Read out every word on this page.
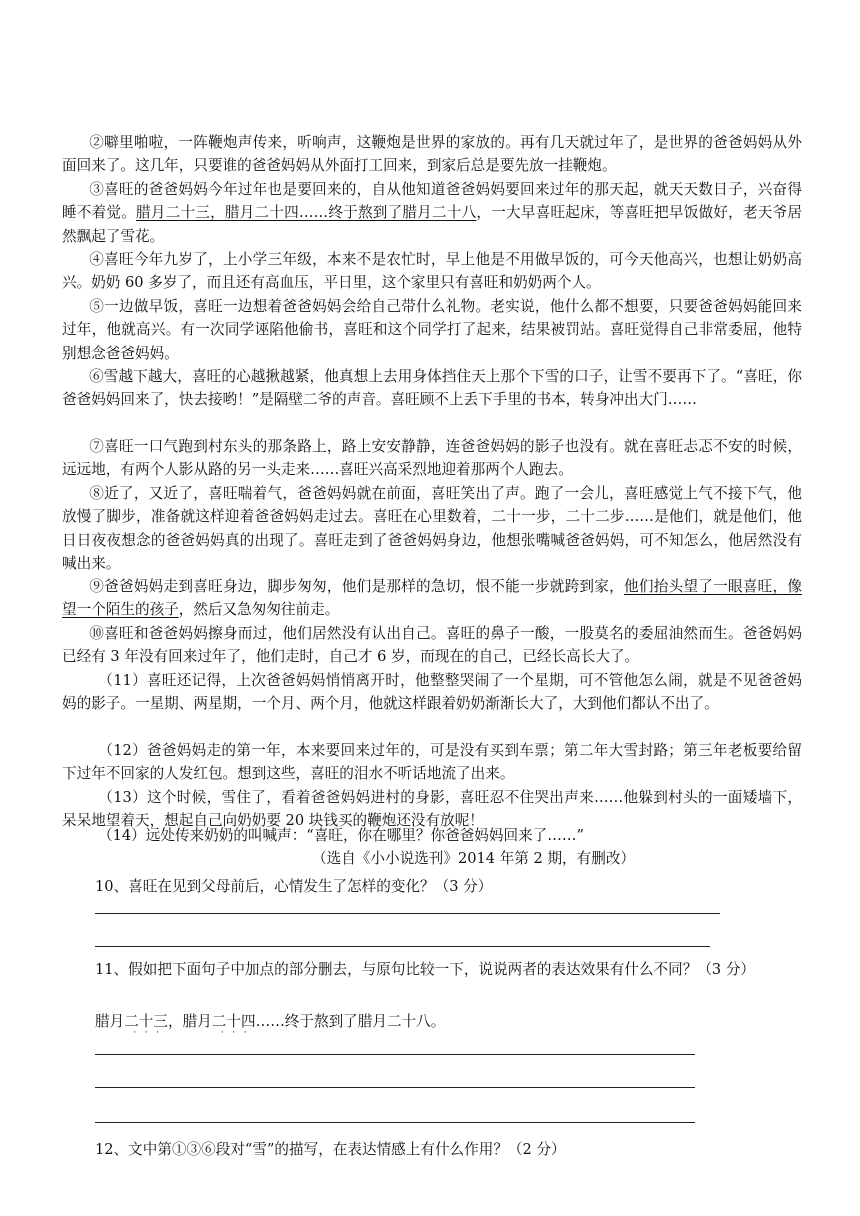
②噼里啪啦，一阵鞭炮声传来，听响声，这鞭炮是世界的家放的。再有几天就过年了，是世界的爸爸妈妈从外面回来了。这几年，只要谁的爸爸妈妈从外面打工回来，到家后总是要先放一挂鞭炮。

③喜旺的爸爸妈妈今年过年也是要回来的，自从他知道爸爸妈妈要回来过年的那天起，就天天数日子，兴奋得睡不着觉。腊月二十三，腊月二十四……终于熬到了腊月二十八，一大早喜旺起床，等喜旺把早饭做好，老天爷居然飘起了雪花。

④喜旺今年九岁了，上小学三年级，本来不是农忙时，早上他是不用做早饭的，可今天他高兴，也想让奶奶高兴。奶奶 60 多岁了，而且还有高血压，平日里，这个家里只有喜旺和奶奶两个人。

⑤一边做早饭，喜旺一边想着爸爸妈妈会给自己带什么礼物。老实说，他什么都不想要，只要爸爸妈妈能回来过年，他就高兴。有一次同学诬陷他偷书，喜旺和这个同学打了起来，结果被罚站。喜旺觉得自己非常委屈，他特别想念爸爸妈妈。

⑥雪越下越大，喜旺的心越揪越紧，他真想上去用身体挡住天上那个下雪的口子，让雪不要再下了。“喜旺，你爸爸妈妈回来了，快去接哟！”是隔壁二爷的声音。喜旺顾不上丢下手里的书本，转身冲出大门……

⑦喜旺一口气跑到村东头的那条路上，路上安安静静，连爸爸妈妈的影子也没有。就在喜旺忐忑不安的时候，远远地，有两个人影从路的另一头走来……喜旺兴高采烈地迎着那两个人跑去。

⑧近了，又近了，喜旺喘着气，爸爸妈妈就在前面，喜旺笑出了声。跑了一会儿，喜旺感觉上气不接下气，他放慢了脚步，准备就这样迎着爸爸妈妈走过去。喜旺在心里数着，二十一步，二十二步……是他们，就是他们，他日日夜夜想念的爸爸妈妈真的出现了。喜旺走到了爸爸妈妈身边，他想张嘴喊爸爸妈妈，可不知怎么，他居然没有喊出来。

⑨爸爸妈妈走到喜旺身边，脚步匆匆，他们是那样的急切，恨不能一步就跨到家，他们抬头望了一眼喜旺，像望一个陌生的孩子，然后又急匆匆往前走。

⑩喜旺和爸爸妈妈擦身而过，他们居然没有认出自己。喜旺的鼻子一酸，一股莫名的委屈油然而生。爸爸妈妈已经有 3 年没有回来过年了，他们走时，自己才 6 岁，而现在的自己，已经长高长大了。

（11）喜旺还记得，上次爸爸妈妈悄悄离开时，他整整哭闹了一个星期，可不管他怎么闹，就是不见爸爸妈妈的影子。一星期、两星期，一个月、两个月，他就这样跟着奶奶渐渐长大了，大到他们都认不出了。

（12）爸爸妈妈走的第一年，本来要回来过年的，可是没有买到车票；第二年大雪封路；第三年老板要给留下过年不回家的人发红包。想到这些，喜旺的泪水不听话地流了出来。

（13）这个时候，雪住了，看着爸爸妈妈进村的身影，喜旺忍不住哭出声来……他躲到村头的一面矮墙下，呆呆地望着天，想起自己向奶奶要 20 块钱买的鞭炮还没有放呢！

（14）远处传来奶奶的叫喊声：“喜旺，你在哪里？你爸爸妈妈回来了……”

（选自《小小说选刊》2014 年第 2 期，有删改）
10、喜旺在见到父母前后，心情发生了怎样的变化？（3 分）
11、假如把下面句子中加点的部分删去，与原句比较一下，说说两者的表达效果有什么不同？（3 分）
腊月二十三
·   ·   ·
，腊月二十四
·   ·   ·
……终于熬到了腊月二十八。
12、文中第①③⑥段对“雪”的描写，在表达情感上有什么作用？（2 分）
